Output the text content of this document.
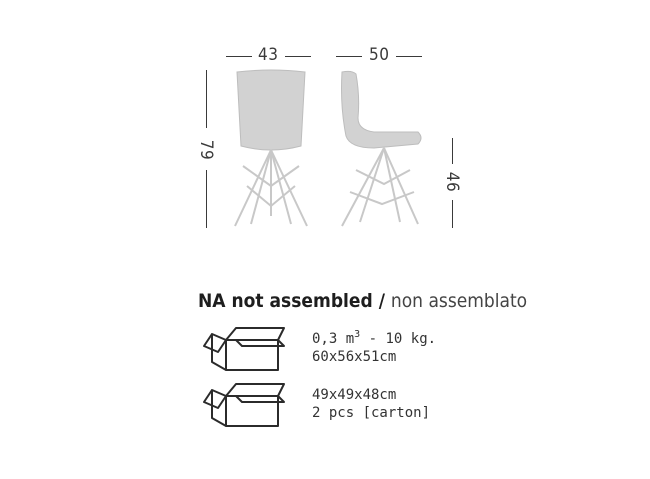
43	50
79
46
NA not assembled / non assemblato
0,3 $m^3 - 10$ kg.
60x56x51cm
49x49x48cm
2 pcs [carton]
